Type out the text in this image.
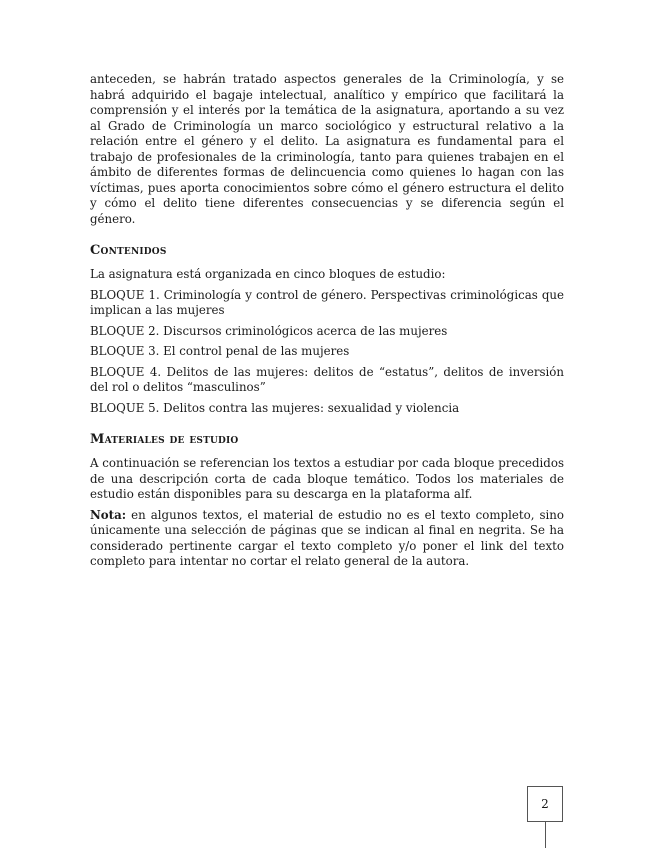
anteceden, se habrán tratado aspectos generales de la Criminología, y se habrá adquirido el bagaje intelectual, analítico y empírico que facilitará la comprensión y el interés por la temática de la asignatura, aportando a su vez al Grado de Criminología un marco sociológico y estructural relativo a la relación entre el género y el delito. La asignatura es fundamental para el trabajo de profesionales de la criminología, tanto para quienes trabajen en el ámbito de diferentes formas de delincuencia como quienes lo hagan con las víctimas, pues aporta conocimientos sobre cómo el género estructura el delito y cómo el delito tiene diferentes consecuencias y se diferencia según el género.

Contenidos

La asignatura está organizada en cinco bloques de estudio:

BLOQUE 1. Criminología y control de género. Perspectivas criminológicas que implican a las mujeres

BLOQUE 2. Discursos criminológicos acerca de las mujeres

BLOQUE 3. El control penal de las mujeres

BLOQUE 4. Delitos de las mujeres: delitos de “estatus”, delitos de inversión del rol o delitos “masculinos”

BLOQUE 5. Delitos contra las mujeres: sexualidad y violencia

Materiales de estudio

A continuación se referencian los textos a estudiar por cada bloque precedidos de una descripción corta de cada bloque temático. Todos los materiales de estudio están disponibles para su descarga en la plataforma alf.

Nota: en algunos textos, el material de estudio no es el texto completo, sino únicamente una selección de páginas que se indican al final en negrita. Se ha considerado pertinente cargar el texto completo y/o poner el link del texto completo para intentar no cortar el relato general de la autora.

2
